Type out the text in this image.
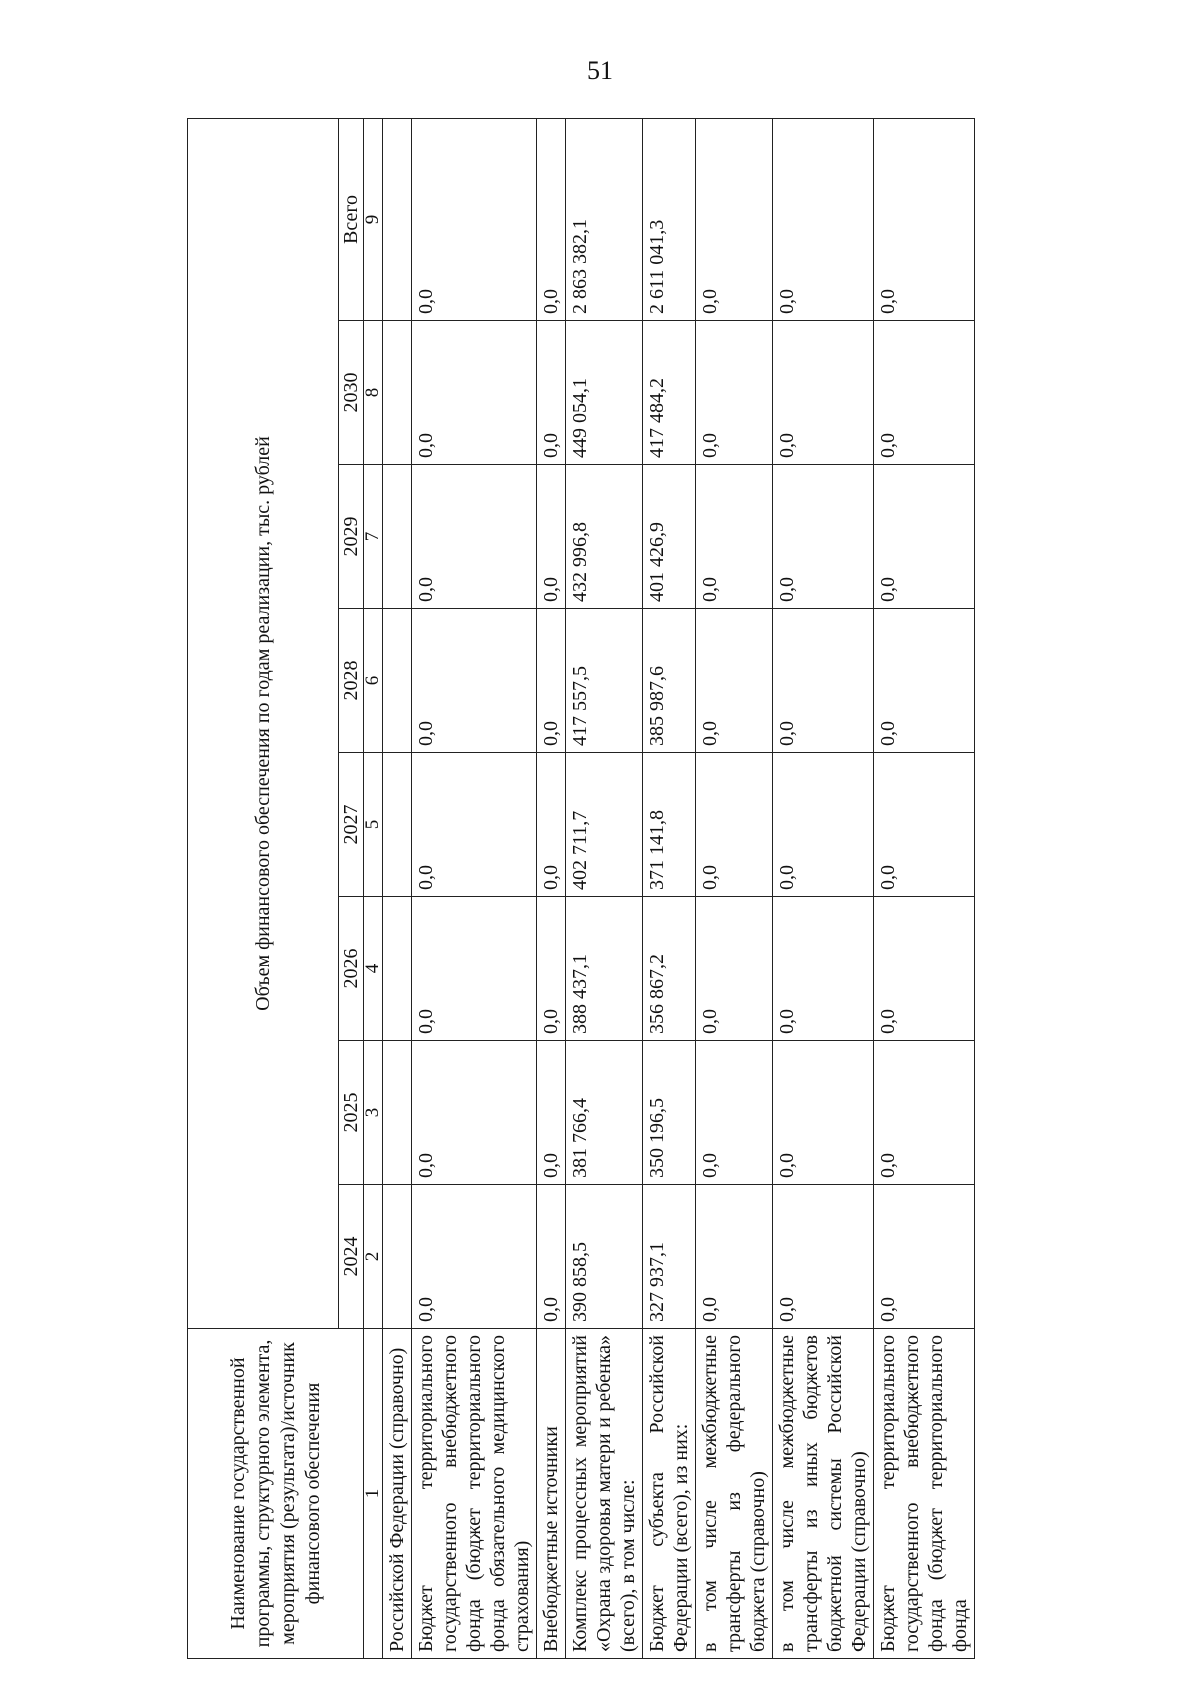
51
Наименование государственной программы, структурного элемента, мероприятия (результата)/источник финансового обеспечения	Объем финансового обеспечения по годам реализации, тыс. рублей							
	2024	2025	2026	2027	2028	2029	2030	Всего
1	2	3	4	5	6	7	8	9
Российской Федерации (справочно)								
Бюджет территориального государственного внебюджетного фонда (бюджет территориального фонда обязательного медицинского страхования)	0,0	0,0	0,0	0,0	0,0	0,0	0,0	0,0
Внебюджетные источники	0,0	0,0	0,0	0,0	0,0	0,0	0,0	0,0
Комплекс процессных мероприятий «Охрана здоровья матери и ребенка» (всего), в том числе:	390 858,5	381 766,4	388 437,1	402 711,7	417 557,5	432 996,8	449 054,1	2 863 382,1
Бюджет субъекта Российской Федерации (всего), из них:	327 937,1	350 196,5	356 867,2	371 141,8	385 987,6	401 426,9	417 484,2	2 611 041,3
в том числе межбюджетные трансферты из федерального бюджета (справочно)	0,0	0,0	0,0	0,0	0,0	0,0	0,0	0,0
в том числе межбюджетные трансферты из иных бюджетов бюджетной системы Российской Федерации (справочно)	0,0	0,0	0,0	0,0	0,0	0,0	0,0	0,0
Бюджет территориального государственного внебюджетного фонда (бюджет территориального фонда	0,0	0,0	0,0	0,0	0,0	0,0	0,0	0,0
